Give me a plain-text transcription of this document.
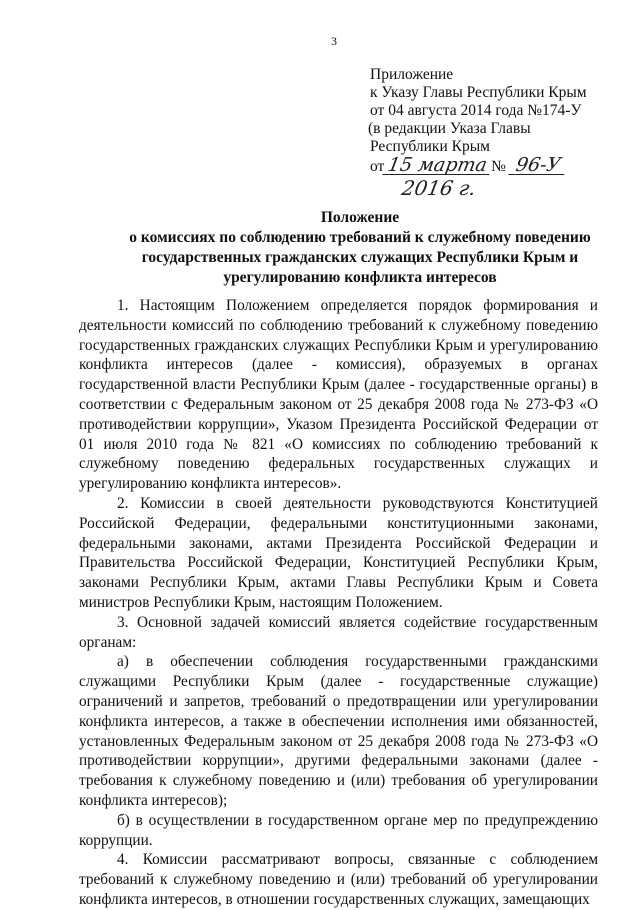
3
Приложение
к Указу Главы Республики Крым
от 04 августа 2014 года №174-У
(в редакции Указа Главы
Республики Крым
от 15 марта № 96-У
2016 г.
Положение
о комиссиях по соблюдению требований к служебному поведению
государственных гражданских служащих Республики Крым и
урегулированию конфликта интересов

1. Настоящим Положением определяется порядок формирования и деятельности комиссий по соблюдению требований к служебному поведению государственных гражданских служащих Республики Крым и урегулированию конфликта интересов (далее - комиссия), образуемых в органах государственной власти Республики Крым (далее - государственные органы) в соответствии с Федеральным законом от 25 декабря 2008 года № 273-ФЗ «О противодействии коррупции», Указом Президента Российской Федерации от 01 июля 2010 года № 821 «О комиссиях по соблюдению требований к служебному поведению федеральных государственных служащих и урегулированию конфликта интересов».

2. Комиссии в своей деятельности руководствуются Конституцией Российской Федерации, федеральными конституционными законами, федеральными законами, актами Президента Российской Федерации и Правительства Российской Федерации, Конституцией Республики Крым, законами Республики Крым, актами Главы Республики Крым и Совета министров Республики Крым, настоящим Положением.

3. Основной задачей комиссий является содействие государственным органам:

а) в обеспечении соблюдения государственными гражданскими служащими Республики Крым (далее - государственные служащие) ограничений и запретов, требований о предотвращении или урегулировании конфликта интересов, а также в обеспечении исполнения ими обязанностей, установленных Федеральным законом от 25 декабря 2008 года № 273-ФЗ «О противодействии коррупции», другими федеральными законами (далее - требования к служебному поведению и (или) требования об урегулировании конфликта интересов);

б) в осуществлении в государственном органе мер по предупреждению коррупции.

4. Комиссии рассматривают вопросы, связанные с соблюдением требований к служебному поведению и (или) требований об урегулировании конфликта интересов, в отношении государственных служащих, замещающих
